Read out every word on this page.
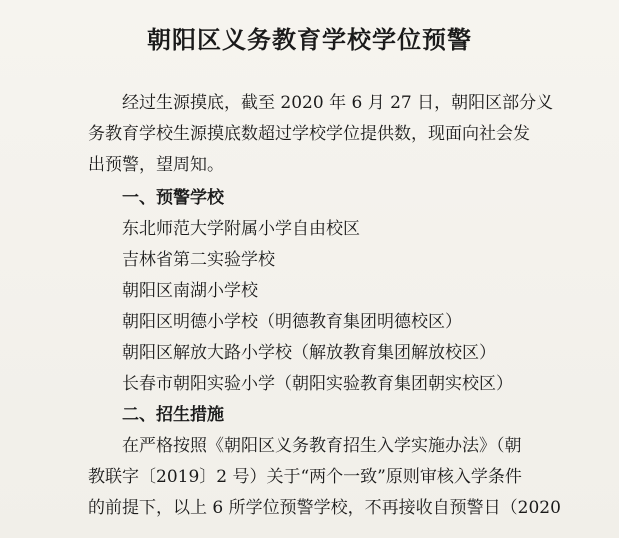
朝阳区义务教育学校学位预警
经过生源摸底，截至 2020 年 6 月 27 日，朝阳区部分义
务教育学校生源摸底数超过学校学位提供数，现面向社会发
出预警，望周知。
一、预警学校
东北师范大学附属小学自由校区
吉林省第二实验学校
朝阳区南湖小学校
朝阳区明德小学校（明德教育集团明德校区）
朝阳区解放大路小学校（解放教育集团解放校区）
长春市朝阳实验小学（朝阳实验教育集团朝实校区）
二、招生措施
在严格按照《朝阳区义务教育招生入学实施办法》（朝
教联字〔2019〕2 号）关于“两个一致”原则审核入学条件
的前提下，以上 6 所学位预警学校，不再接收自预警日（2020
